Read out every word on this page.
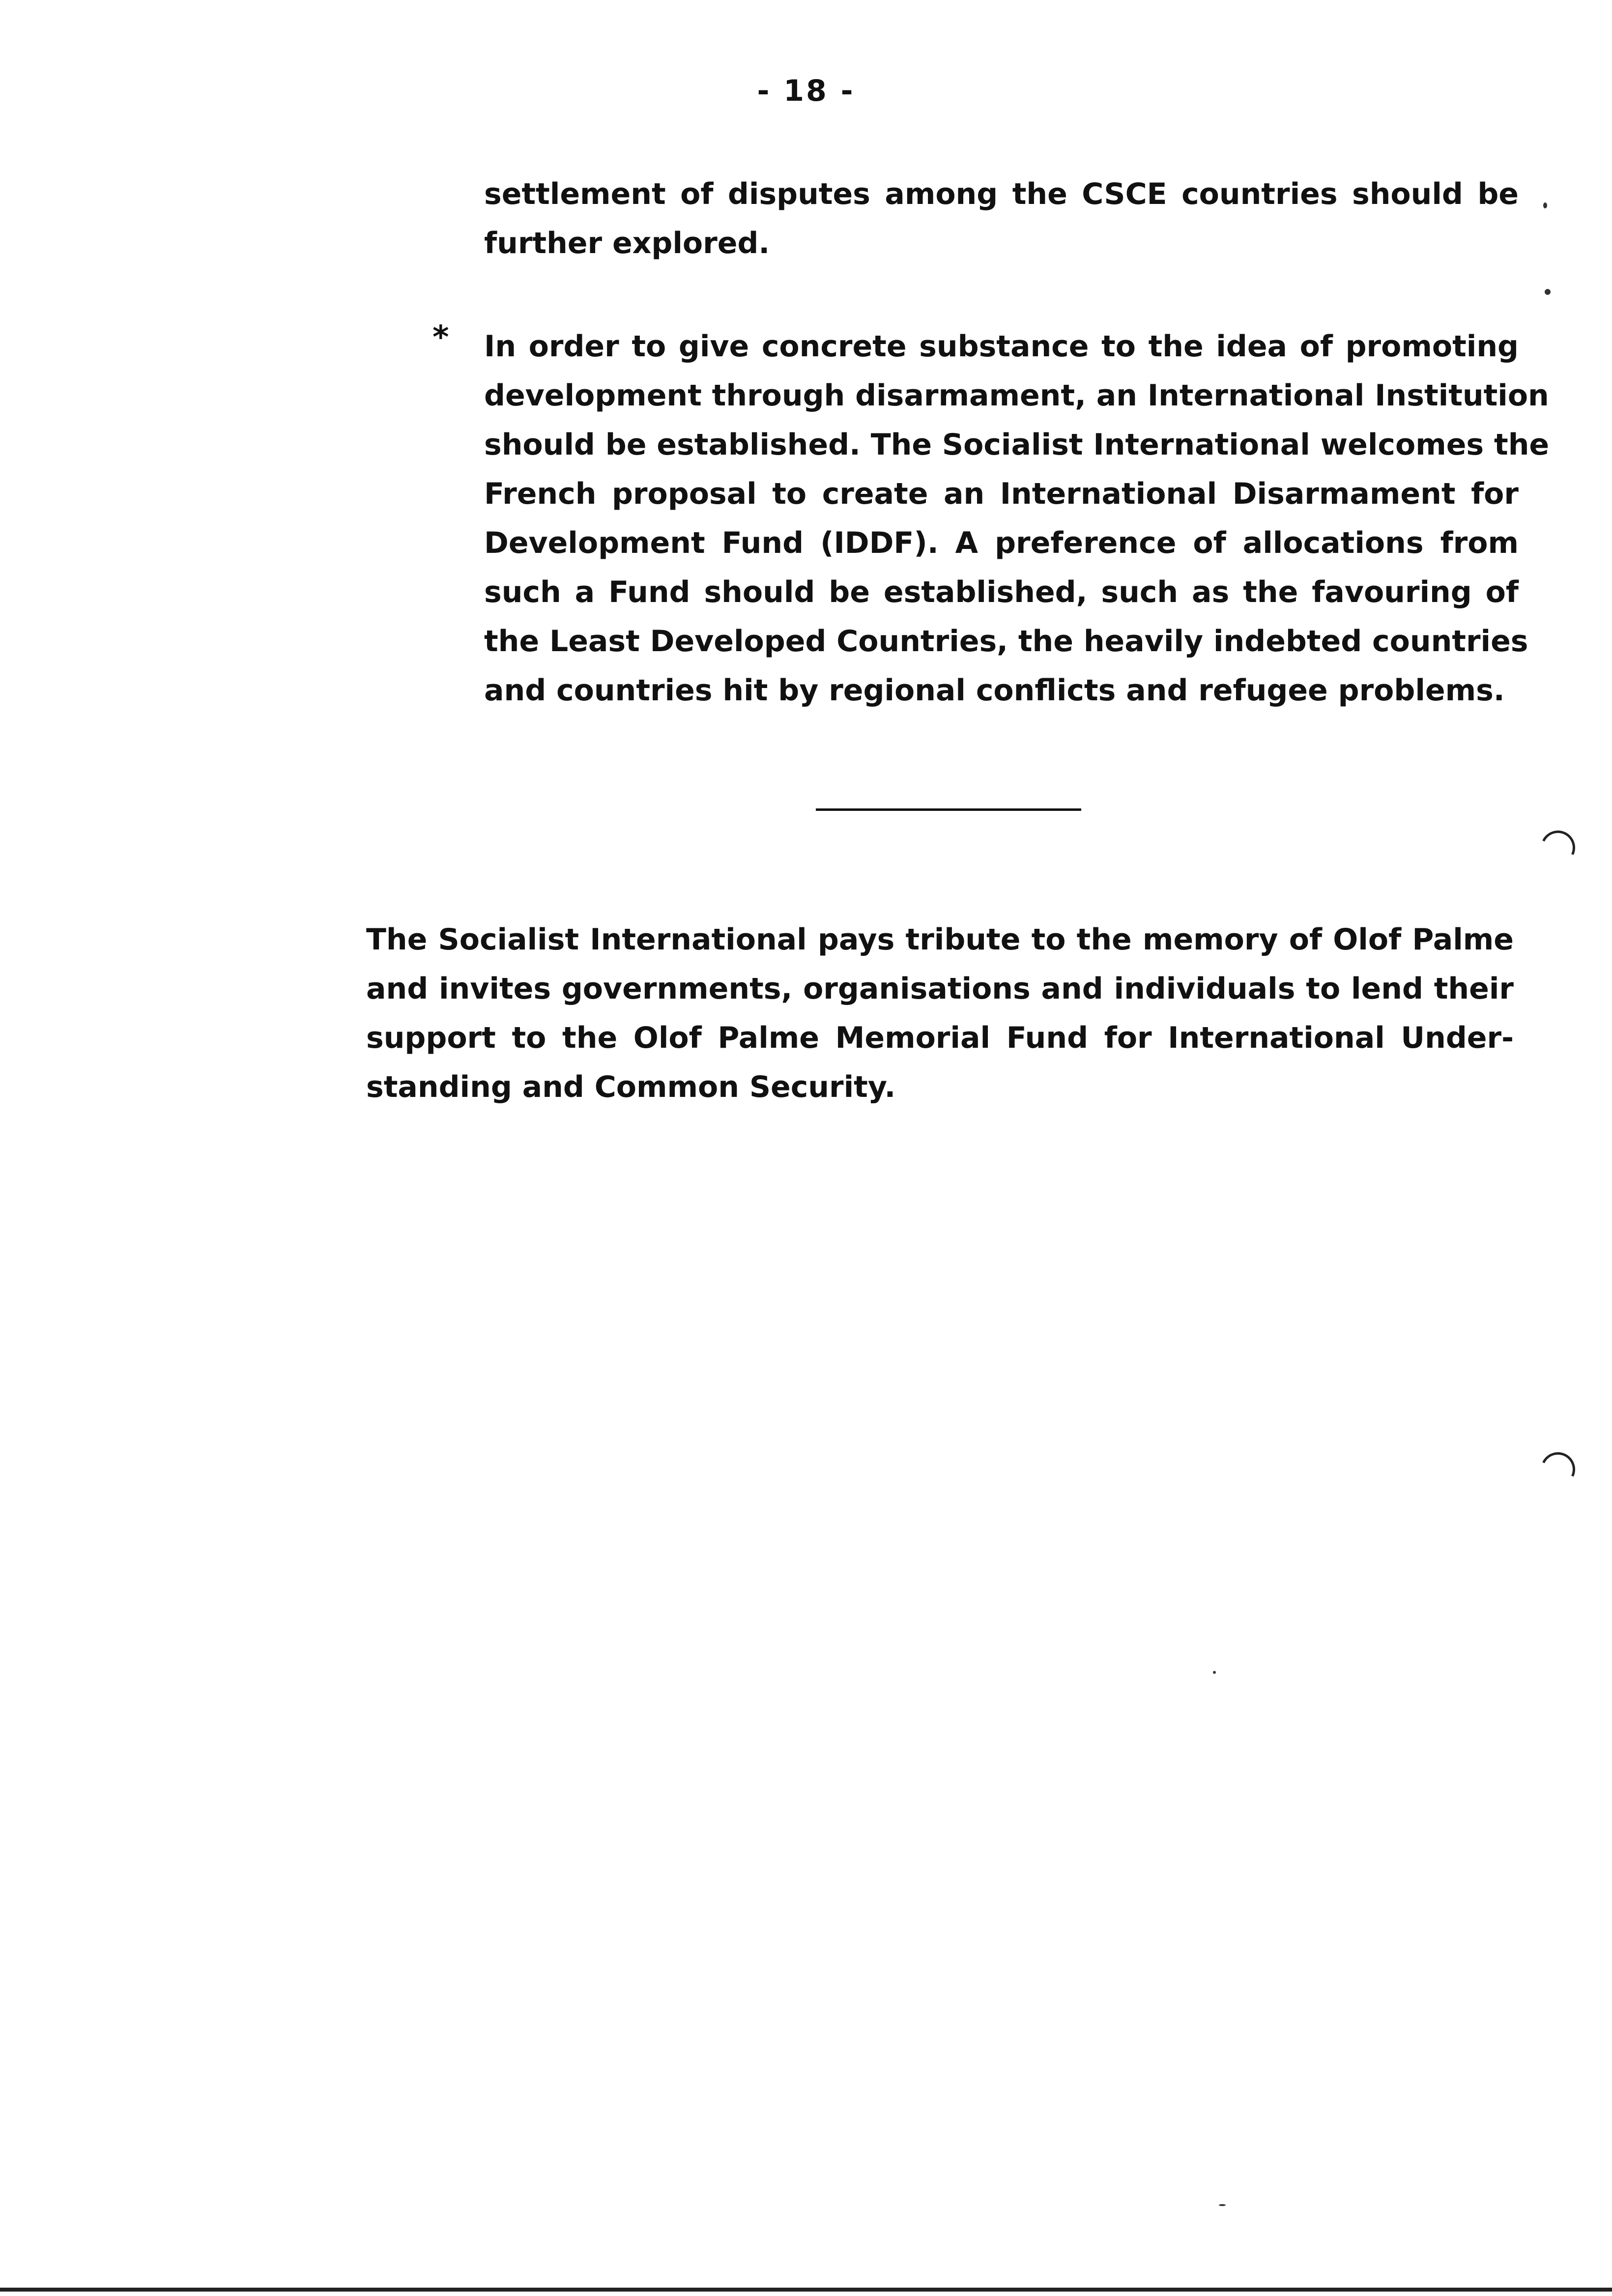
- 18 -
settlement of disputes among the CSCE countries should be
further explored.
* In order to give concrete substance to the idea of promoting
development through disarmament, an International Institution
should be established. The Socialist International welcomes the
French proposal to create an International Disarmament for
Development Fund (IDDF). A preference of allocations from
such a Fund should be established, such as the favouring of
the Least Developed Countries, the heavily indebted countries
and countries hit by regional conflicts and refugee problems.
The Socialist International pays tribute to the memory of Olof Palme
and invites governments, organisations and individuals to lend their
support to the Olof Palme Memorial Fund for International Under-
standing and Common Security.
